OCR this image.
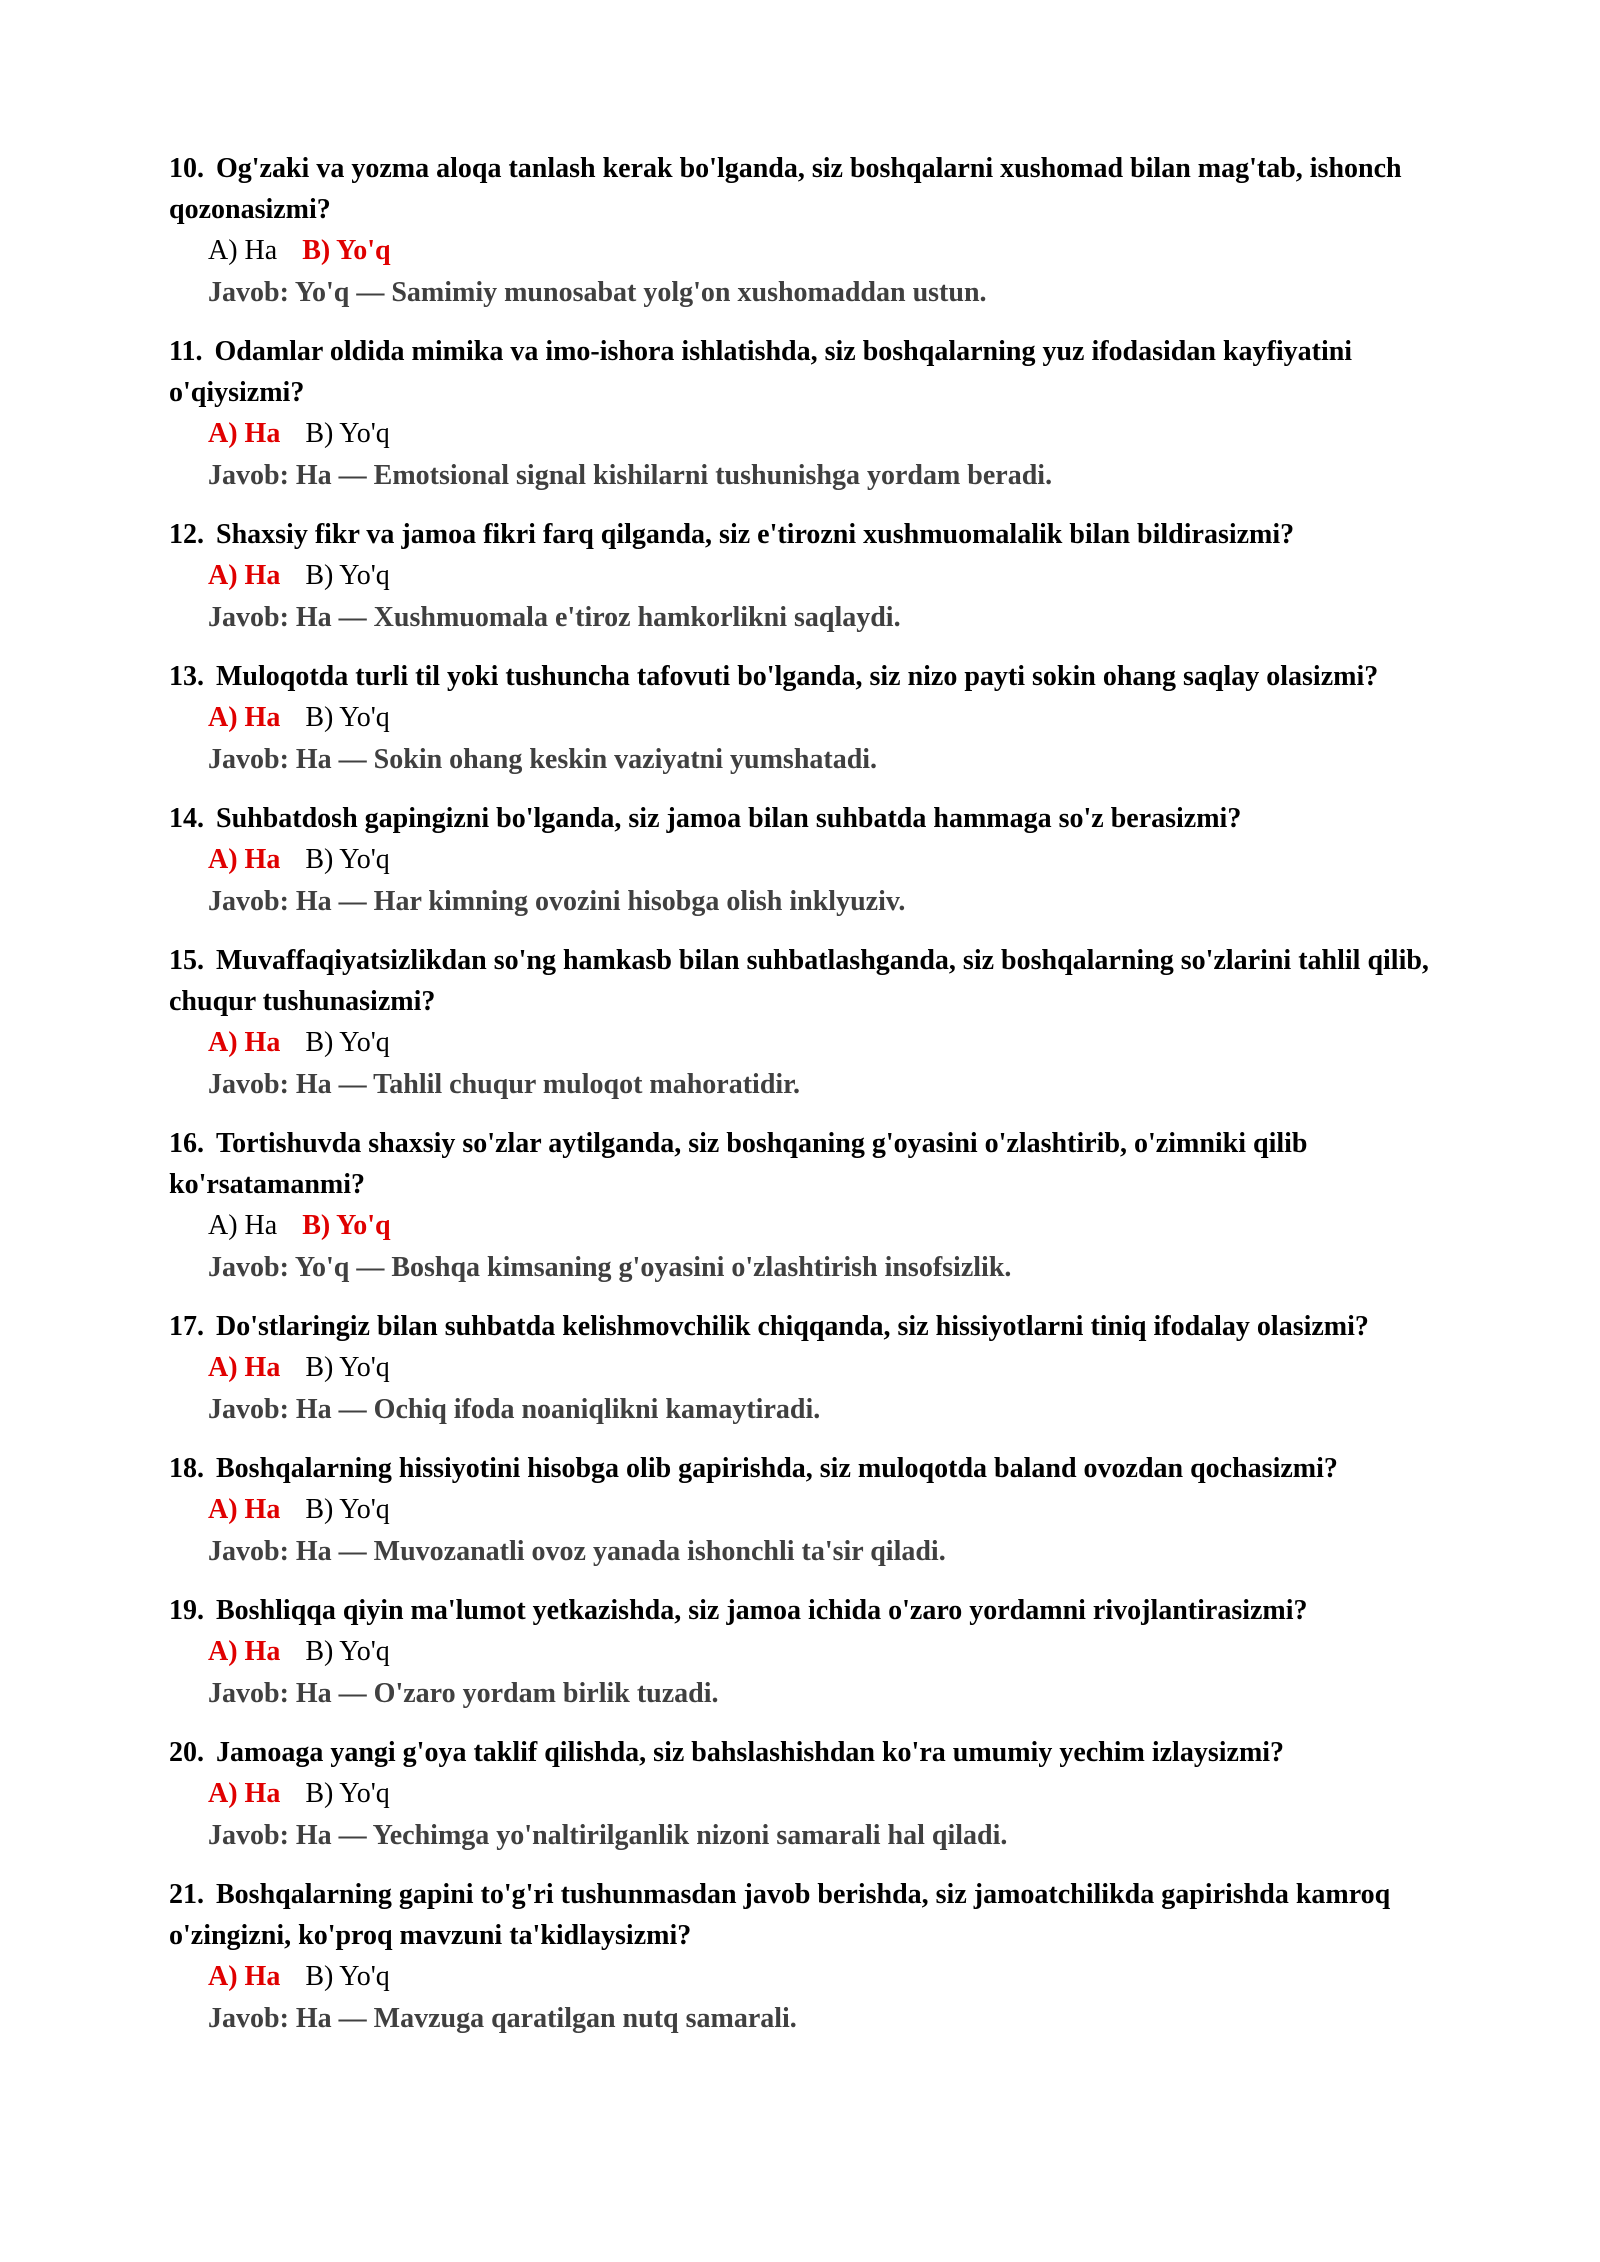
10. Og'zaki va yozma aloqa tanlash kerak bo'lganda, siz boshqalarni xushomad bilan mag'tab, ishonch qozonasizmi?

A) Ha B) Yo'q
Javob: Yo'q — Samimiy munosabat yolg'on xushomaddan ustun.

11. Odamlar oldida mimika va imo-ishora ishlatishda, siz boshqalarning yuz ifodasidan kayfiyatini o'qiysizmi?

A) Ha B) Yo'q
Javob: Ha — Emotsional signal kishilarni tushunishga yordam beradi.

12. Shaxsiy fikr va jamoa fikri farq qilganda, siz e'tirozni xushmuomalalik bilan bildirasizmi?

A) Ha B) Yo'q
Javob: Ha — Xushmuomala e'tiroz hamkorlikni saqlaydi.

13. Muloqotda turli til yoki tushuncha tafovuti bo'lganda, siz nizo payti sokin ohang saqlay olasizmi?

A) Ha B) Yo'q
Javob: Ha — Sokin ohang keskin vaziyatni yumshatadi.

14. Suhbatdosh gapingizni bo'lganda, siz jamoa bilan suhbatda hammaga so'z berasizmi?

A) Ha B) Yo'q
Javob: Ha — Har kimning ovozini hisobga olish inklyuziv.

15. Muvaffaqiyatsizlikdan so'ng hamkasb bilan suhbatlashganda, siz boshqalarning so'zlarini tahlil qilib, chuqur tushunasizmi?

A) Ha B) Yo'q
Javob: Ha — Tahlil chuqur muloqot mahoratidir.

16. Tortishuvda shaxsiy so'zlar aytilganda, siz boshqaning g'oyasini o'zlashtirib, o'zimniki qilib ko'rsatamanmi?

A) Ha B) Yo'q
Javob: Yo'q — Boshqa kimsaning g'oyasini o'zlashtirish insofsizlik.

17. Do'stlaringiz bilan suhbatda kelishmovchilik chiqqanda, siz hissiyotlarni tiniq ifodalay olasizmi?

A) Ha B) Yo'q
Javob: Ha — Ochiq ifoda noaniqlikni kamaytiradi.

18. Boshqalarning hissiyotini hisobga olib gapirishda, siz muloqotda baland ovozdan qochasizmi?

A) Ha B) Yo'q
Javob: Ha — Muvozanatli ovoz yanada ishonchli ta'sir qiladi.

19. Boshliqqa qiyin ma'lumot yetkazishda, siz jamoa ichida o'zaro yordamni rivojlantirasizmi?

A) Ha B) Yo'q
Javob: Ha — O'zaro yordam birlik tuzadi.

20. Jamoaga yangi g'oya taklif qilishda, siz bahslashishdan ko'ra umumiy yechim izlaysizmi?

A) Ha B) Yo'q
Javob: Ha — Yechimga yo'naltirilganlik nizoni samarali hal qiladi.

21. Boshqalarning gapini to'g'ri tushunmasdan javob berishda, siz jamoatchilikda gapirishda kamroq o'zingizni, ko'proq mavzuni ta'kidlaysizmi?

A) Ha B) Yo'q
Javob: Ha — Mavzuga qaratilgan nutq samarali.
